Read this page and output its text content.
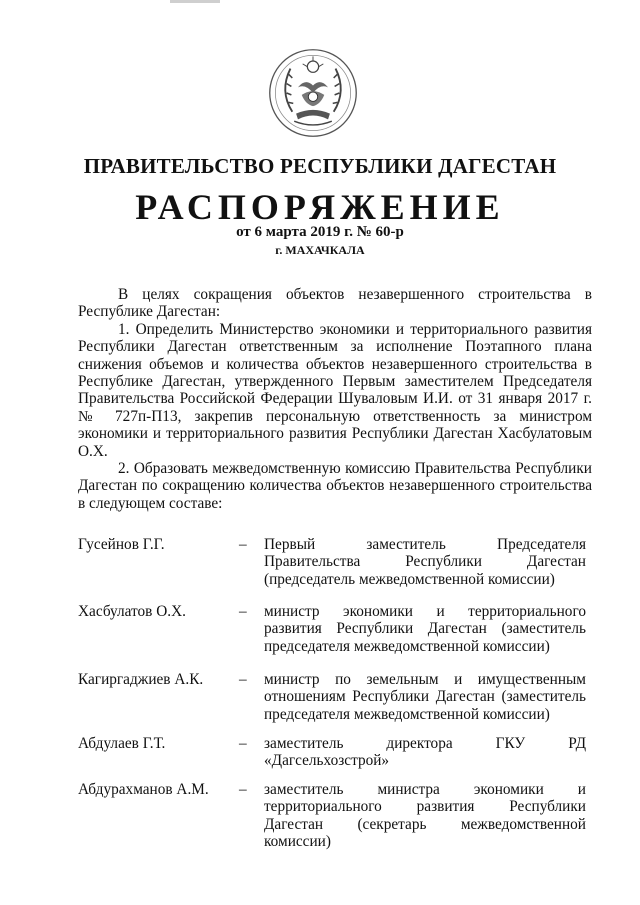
ПРАВИТЕЛЬСТВО РЕСПУБЛИКИ ДАГЕСТАН
РАСПОРЯЖЕНИЕ
от 6 марта 2019 г. № 60-р
г. МАХАЧКАЛА

В целях сокращения объектов незавершенного строительства в Республике Дагестан:

1. Определить Министерство экономики и территориального развития Республики Дагестан ответственным за исполнение Поэтапного плана снижения объемов и количества объектов незавершенного строительства в Республике Дагестан, утвержденного Первым заместителем Председателя Правительства Российской Федерации Шуваловым И.И. от 31 января 2017 г. № 727п-П13, закрепив персональную ответственность за министром экономики и территориального развития Республики Дагестан Хасбулатовым О.Х.

2. Образовать межведомственную комиссию Правительства Республики Дагестан по сокращению количества объектов незавершенного строительства в следующем составе:

Гусейнов Г.Г.	– Первый заместитель Председателя Правительства Республики Дагестан (председатель межведомственной комиссии)
Хасбулатов О.Х.	– министр экономики и территориального развития Республики Дагестан (заместитель председателя межведомственной комиссии)
Кагиргаджиев А.К. – министр по земельным и имущественным отношениям Республики Дагестан (заместитель председателя межведомственной комиссии)
Абдулаев Г.Т.	– заместитель директора ГКУ РД «Дагсельхозстрой»
Абдурахманов А.М. – заместитель министра экономики и территориального развития Республики Дагестан (секретарь межведомственной комиссии)
